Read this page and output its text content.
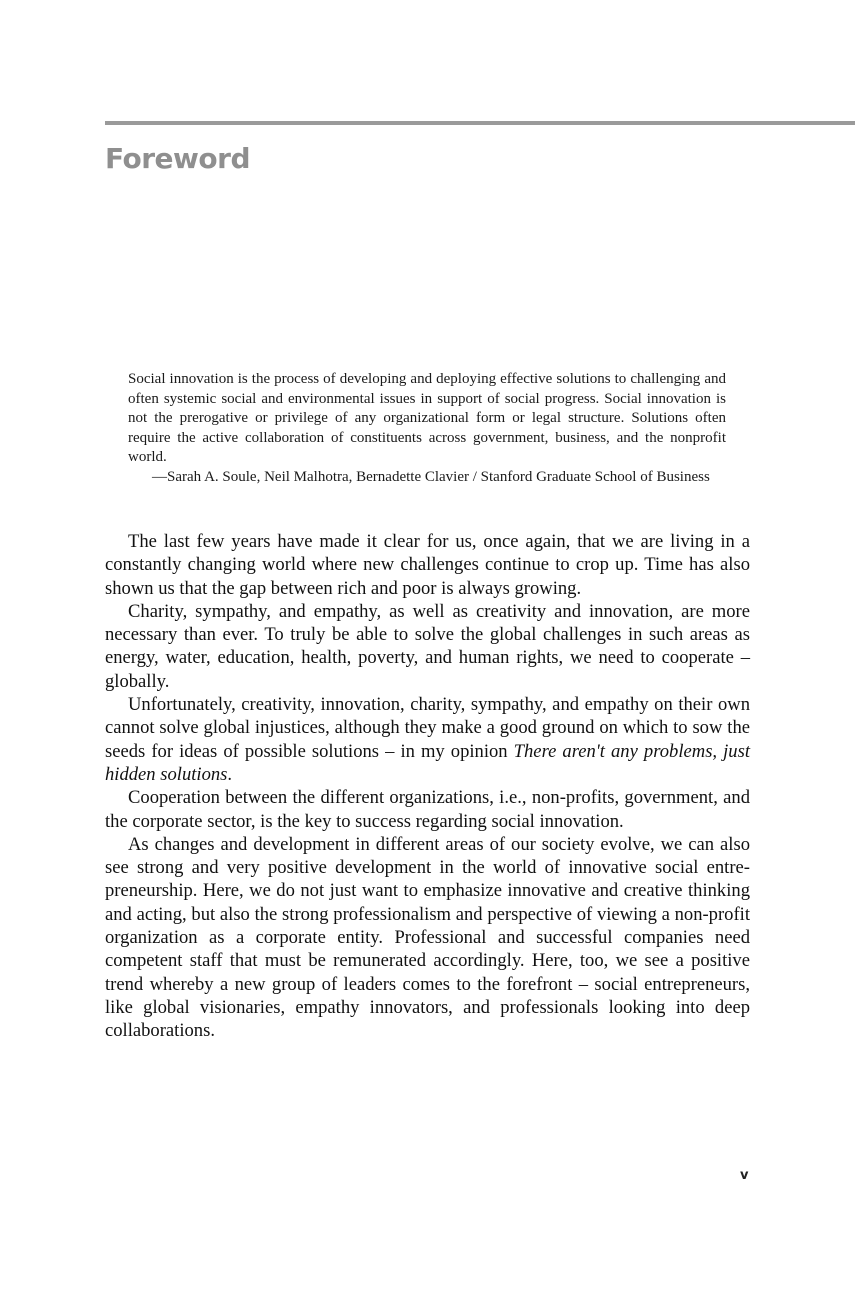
Foreword

Social innovation is the process of developing and deploying effective solutions to challenging and often systemic social and environmental issues in support of social progress. Social innovation is not the prerogative or privilege of any organizational form or legal structure. Solutions often require the active collaboration of constituents across government, business, and the nonprofit world.

—Sarah A. Soule, Neil Malhotra, Bernadette Clavier / Stanford Graduate School of Business

The last few years have made it clear for us, once again, that we are living in a constantly changing world where new challenges continue to crop up. Time has also shown us that the gap between rich and poor is always growing.

Charity, sympathy, and empathy, as well as creativity and innovation, are more necessary than ever. To truly be able to solve the global challenges in such areas as energy, water, education, health, poverty, and human rights, we need to cooperate – globally.

Unfortunately, creativity, innovation, charity, sympathy, and empathy on their own cannot solve global injustices, although they make a good ground on which to sow the seeds for ideas of possible solutions – in my opinion There aren't any problems, just hidden solutions.

Cooperation between the different organizations, i.e., non-profits, government, and the corporate sector, is the key to success regarding social innovation.

As changes and development in different areas of our society evolve, we can also see strong and very positive development in the world of innovative social entrepreneurship. Here, we do not just want to emphasize innovative and creative thinking and acting, but also the strong professionalism and perspective of viewing a non-profit organization as a corporate entity. Professional and successful companies need competent staff that must be remunerated accordingly. Here, too, we see a positive trend whereby a new group of leaders comes to the forefront – social entrepreneurs, like global visionaries, empathy innovators, and professionals looking into deep collaborations.

v
